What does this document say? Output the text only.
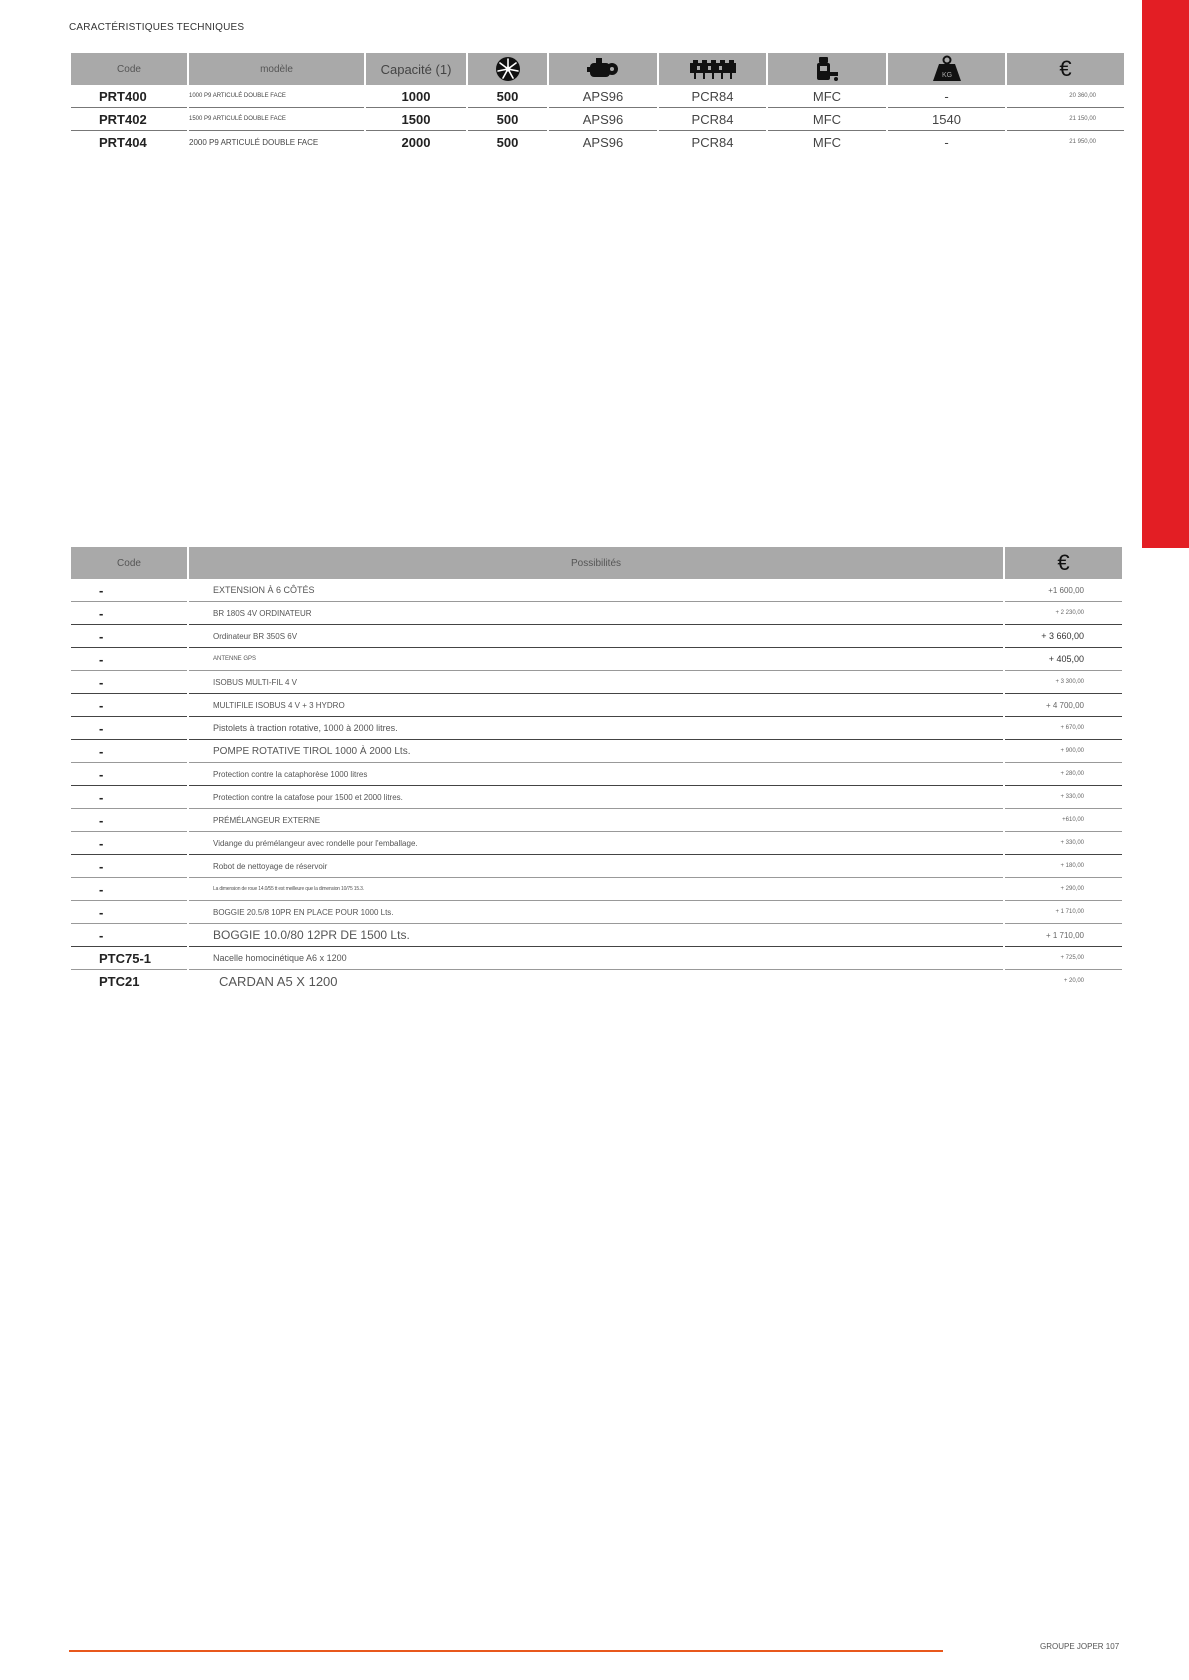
CARACTÉRISTIQUES TECHNIQUES
Code	modèle	Capacité (1)					KG	€
PRT400	1000 P9 ARTICULÉ DOUBLE FACE	1000	500	APS96	PCR84	MFC	-	20 360,00
PRT402	1500 P9 ARTICULÉ DOUBLE FACE	1500	500	APS96	PCR84	MFC	1540	21 150,00
PRT404	2000 P9 ARTICULÉ DOUBLE FACE	2000	500	APS96	PCR84	MFC	-	21 950,00
Code	Possibilités	€
-	EXTENSION À 6 CÔTÉS	+1 600,00
-	BR 180S 4V ORDINATEUR	+ 2 230,00
-	Ordinateur BR 350S 6V	+ 3 660,00
-	ANTENNE GPS	+ 405,00
-	ISOBUS MULTI-FIL 4 V	+ 3 300,00
-	MULTIFILE ISOBUS 4 V + 3 HYDRO	+ 4 700,00
-	Pistolets à traction rotative, 1000 à 2000 litres.	+ 670,00
-	POMPE ROTATIVE TIROL 1000 À 2000 Lts.	+ 900,00
-	Protection contre la cataphorèse 1000 litres	+ 280,00
-	Protection contre la catafose pour 1500 et 2000 litres.	+ 330,00
-	PRÉMÉLANGEUR EXTERNE	+610,00
-	Vidange du prémélangeur avec rondelle pour l'emballage.	+ 330,00
-	Robot de nettoyage de réservoir	+ 180,00
-	La dimension de roue 14.0/55 tt est meilleure que la dimension 10/75 15.3.	+ 290,00
-	BOGGIE 20.5/8 10PR EN PLACE POUR 1000 Lts.	+ 1 710,00
-	BOGGIE 10.0/80 12PR DE 1500 Lts.	+ 1 710,00
PTC75-1	Nacelle homocinétique A6 x 1200	+ 725,00
PTC21	CARDAN A5 X 1200	+ 20,00
GROUPE JOPER 107
